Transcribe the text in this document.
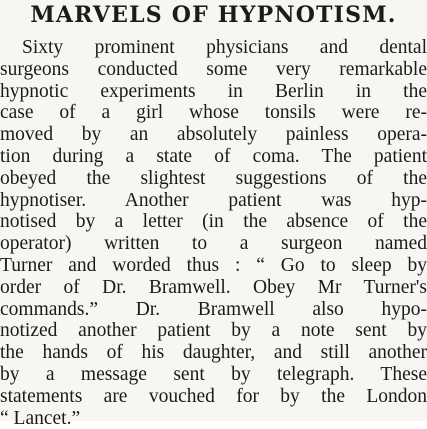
MARVELS OF HYPNOTISM.
Sixty prominent physicians and dental
surgeons conducted some very remarkable
hypnotic experiments in Berlin in the
case of a girl whose tonsils were re-
moved by an absolutely painless opera-
tion during a state of coma. The patient
obeyed the slightest suggestions of the
hypnotiser. Another patient was hyp-
notised by a letter (in the absence of the
operator) written to a surgeon named
Turner and worded thus : “ Go to sleep by
order of Dr. Bramwell. Obey Mr Turner's
commands.” Dr. Bramwell also hypo-
notized another patient by a note sent by
the hands of his daughter, and still another
by a message sent by telegraph. These
statements are vouched for by the London
“ Lancet.”
